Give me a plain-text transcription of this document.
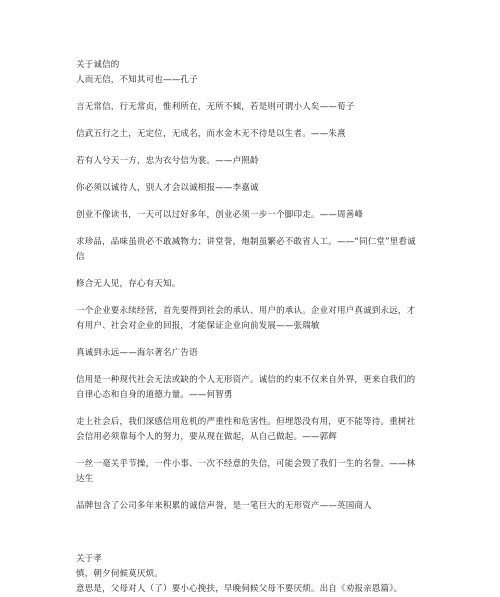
关于诚信的
人而无信，不知其可也——孔子
言无常信，行无常贞，惟利所在，无所不倾，若是则可谓小人矣——荀子
信武五行之土，无定位，无成名，而水金木无不待是以生者。——朱熹
若有人兮天一方，忠为衣兮信为裳。——卢照龄
你必须以诚待人，别人才会以诚相报——李嘉诚
创业不像读书，一天可以过好多年，创业必须一步一个脚印走。——周善峰
求珍品，品味虽贵必不敢减物力；讲堂誉，炮制虽繁必不敢省人工。——“同仁堂”里看诚
信
修合无人见，存心有天知。
一个企业要永续经营，首先要得到社会的承认、用户的承认。企业对用户真诚到永远，才
有用户、社会对企业的回报，才能保证企业向前发展——张瑞敏
真诚到永远——海尔著名广告语
信用是一种现代社会无法或缺的个人无形资产。诚信的约束不仅来自外界，更来自我们的
自律心态和自身的道德力量。——何智勇
走上社会后，我们深感信用危机的严重性和危害性。但埋怨没有用，更不能等待。重树社
会信用必须靠每个人的努力，要从现在做起，从自己做起。——郭辉
一丝一毫关乎节操，一件小事、一次不经意的失信，可能会毁了我们一生的名誉。——林
达生
品牌包含了公司多年来积累的诚信声誉，是一笔巨大的无形资产——英国商人
关于孝
慎，朝夕伺候莫厌烦。
意思是，父母对人（了）要小心挽扶，早晚伺候父母不要厌烦。出自《劝报亲恩篇》。
